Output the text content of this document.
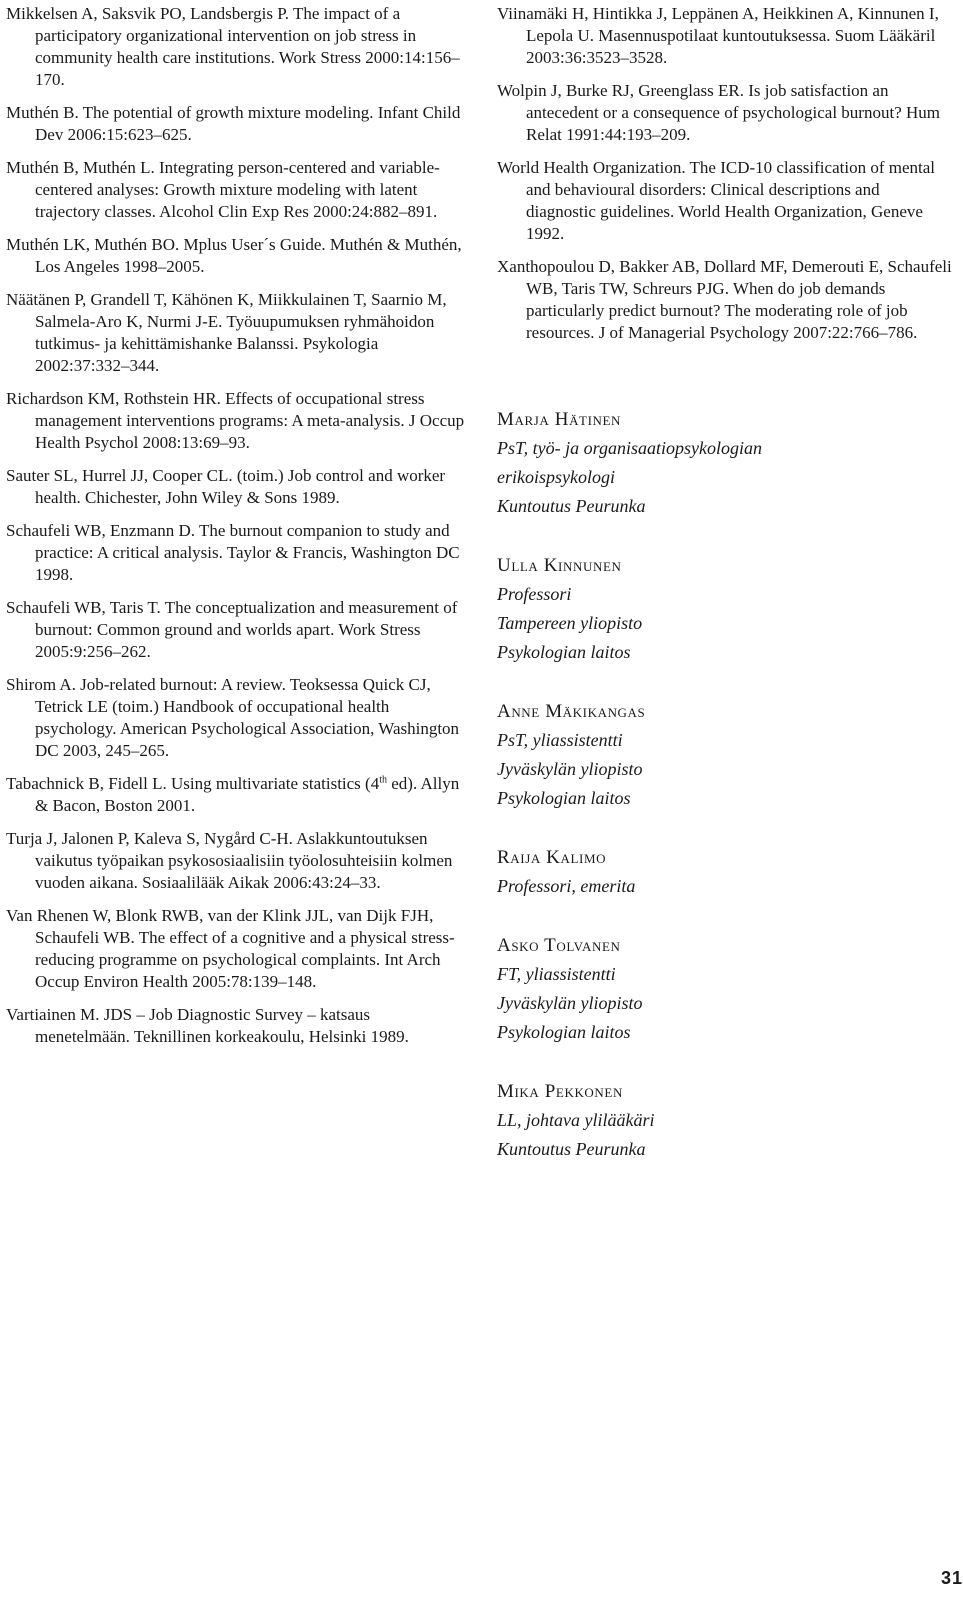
Mikkelsen A, Saksvik PO, Landsbergis P. The impact of a participatory organizational intervention on job stress in community health care institutions. Work Stress 2000:14:156–170.

Muthén B. The potential of growth mixture modeling. Infant Child Dev 2006:15:623–625.

Muthén B, Muthén L. Integrating person-centered and variable-centered analyses: Growth mixture modeling with latent trajectory classes. Alcohol Clin Exp Res 2000:24:882–891.

Muthén LK, Muthén BO. Mplus User´s Guide. Muthén & Muthén, Los Angeles 1998–2005.

Näätänen P, Grandell T, Kähönen K, Miikkulainen T, Saarnio M, Salmela-Aro K, Nurmi J-E. Työuupumuksen ryhmähoidon tutkimus- ja kehittämishanke Balanssi. Psykologia 2002:37:332–344.

Richardson KM, Rothstein HR. Effects of occupational stress management interventions programs: A meta-analysis. J Occup Health Psychol 2008:13:69–93.

Sauter SL, Hurrel JJ, Cooper CL. (toim.) Job control and worker health. Chichester, John Wiley & Sons 1989.

Schaufeli WB, Enzmann D. The burnout companion to study and practice: A critical analysis. Taylor & Francis, Washington DC 1998.

Schaufeli WB, Taris T. The conceptualization and measurement of burnout: Common ground and worlds apart. Work Stress 2005:9:256–262.

Shirom A. Job-related burnout: A review. Teoksessa Quick CJ, Tetrick LE (toim.) Handbook of occupational health psychology. American Psychological Association, Washington DC 2003, 245–265.

Tabachnick B, Fidell L. Using multivariate statistics (4th ed). Allyn & Bacon, Boston 2001.

Turja J, Jalonen P, Kaleva S, Nygård C-H. Aslakkuntoutuksen vaikutus työpaikan psykososiaalisiin työolosuhteisiin kolmen vuoden aikana. Sosiaalilääk Aikak 2006:43:24–33.

Van Rhenen W, Blonk RWB, van der Klink JJL, van Dijk FJH, Schaufeli WB. The effect of a cognitive and a physical stress-reducing programme on psychological complaints. Int Arch Occup Environ Health 2005:78:139–148.

Vartiainen M. JDS – Job Diagnostic Survey – katsaus menetelmään. Teknillinen korkeakoulu, Helsinki 1989.

Viinamäki H, Hintikka J, Leppänen A, Heikkinen A, Kinnunen I, Lepola U. Masennuspotilaat kuntoutuksessa. Suom Lääkäril 2003:36:3523–3528.

Wolpin J, Burke RJ, Greenglass ER. Is job satisfaction an antecedent or a consequence of psychological burnout? Hum Relat 1991:44:193–209.

World Health Organization. The ICD-10 classification of mental and behavioural disorders: Clinical descriptions and diagnostic guidelines. World Health Organization, Geneve 1992.

Xanthopoulou D, Bakker AB, Dollard MF, Demerouti E, Schaufeli WB, Taris TW, Schreurs PJG. When do job demands particularly predict burnout? The moderating role of job resources. J of Managerial Psychology 2007:22:766–786.

Marja Hätinen
PsT, työ- ja organisaatiopsykologian
erikoispsykologi
Kuntoutus Peurunka
Ulla Kinnunen
Professori
Tampereen yliopisto
Psykologian laitos
Anne Mäkikangas
PsT, yliassistentti
Jyväskylän yliopisto
Psykologian laitos
Raija Kalimo
Professori, emerita
Asko Tolvanen
FT, yliassistentti
Jyväskylän yliopisto
Psykologian laitos
Mika Pekkonen
LL, johtava ylilääkäri
Kuntoutus Peurunka
31
